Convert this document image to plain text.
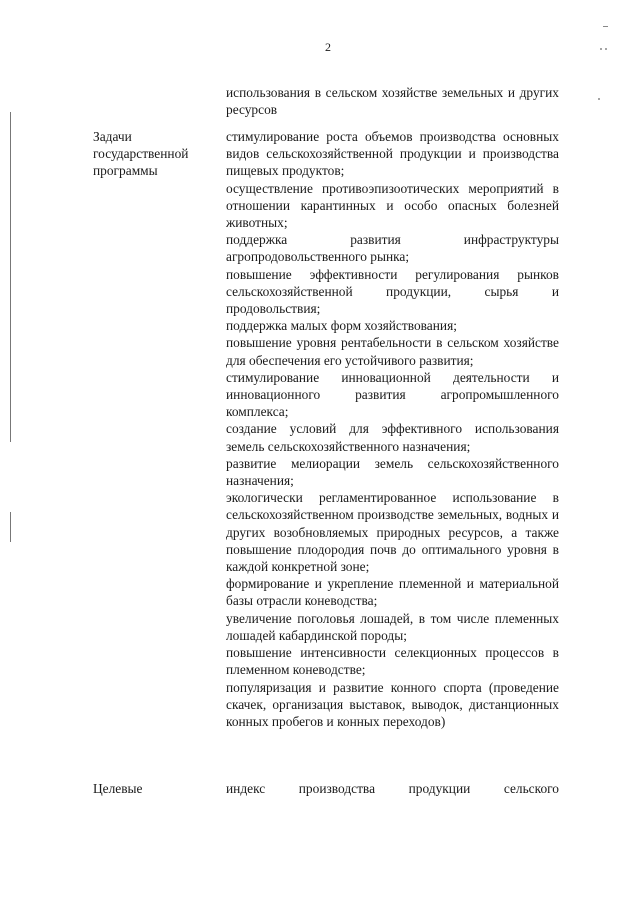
2
использования в сельском хозяйстве земельных и других ресурсов
Задачи государственной программы
стимулирование роста объемов производства основных видов сельскохозяйственной продукции и производства пищевых продуктов;
осуществление противоэпизоотических мероприятий в отношении карантинных и особо опасных болезней животных;
поддержка развития инфраструктуры агропродовольственного рынка;
повышение эффективности регулирования рынков сельскохозяйственной продукции, сырья и продовольствия;
поддержка малых форм хозяйствования;
повышение уровня рентабельности в сельском хозяйстве для обеспечения его устойчивого развития;
стимулирование инновационной деятельности и инновационного развития агропромышленного комплекса;
создание условий для эффективного использования земель сельскохозяйственного назначения;
развитие мелиорации земель сельскохозяйственного назначения;
экологически регламентированное использование в сельскохозяйственном производстве земельных, водных и других возобновляемых природных ресурсов, а также повышение плодородия почв до оптимального уровня в каждой конкретной зоне;
формирование и укрепление племенной и материальной базы отрасли коневодства;
увеличение поголовья лошадей, в том числе племенных лошадей кабардинской породы;
повышение интенсивности селекционных процессов в племенном коневодстве;
популяризация и развитие конного спорта (проведение скачек, организация выставок, выводок, дистанционных конных пробегов и конных переходов)
Целевые	индекс производства продукции сельского
